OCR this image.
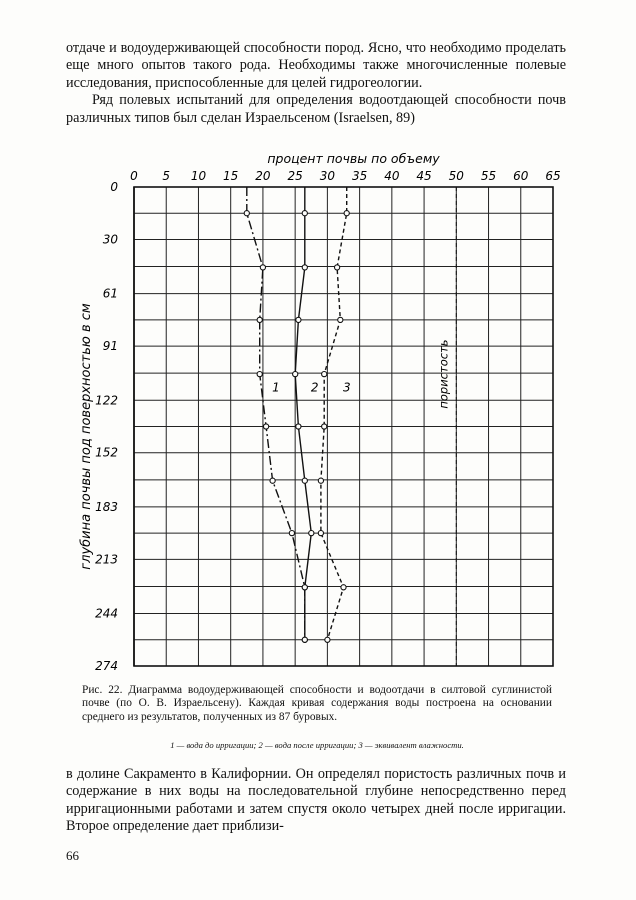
отдаче и водоудерживающей способности пород. Ясно, что необходимо проделать еще много опытов такого рода. Необходимы также многочисленные полевые исследования, приспособленные для целей гидрогеологии.

Ряд полевых испытаний для определения водоотдающей способности почв различных типов был сделан Израельсеном (Israelsen, 89)

0 5 10 15 20 25 30 35 40 45 50 55 60 65
0
30
61
91
122
152
183
213
244
274
процент почвы по объему
глубина почвы под поверхностью в см	пористость
1	2 3

Рис. 22. Диаграмма водоудерживающей способности и водоотдачи в силтовой суглинистой почве (по О. В. Израельсену). Каждая кривая содержания воды построена на основании среднего из результатов, полученных из 87 буровых.

1 — вода до ирригации; 2 — вода после ирригации; 3 — эквивалент влажности.

в долине Сакраменто в Калифорнии. Он определял пористость различных почв и содержание в них воды на последовательной глубине непосредственно перед ирригационными работами и затем спустя около четырех дней после ирригации. Второе определение дает приблизи-

66
